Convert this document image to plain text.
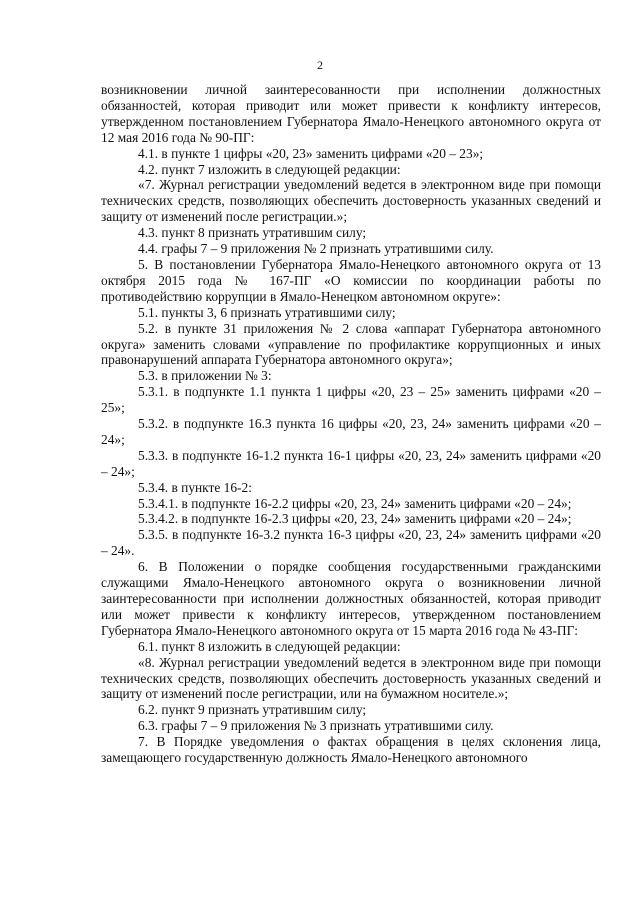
2

возникновении личной заинтересованности при исполнении должностных обязанностей, которая приводит или может привести к конфликту интересов, утвержденном постановлением Губернатора Ямало-Ненецкого автономного округа от 12 мая 2016 года № 90-ПГ:

4.1. в пункте 1 цифры «20, 23» заменить цифрами «20 – 23»;

4.2. пункт 7 изложить в следующей редакции:

«7. Журнал регистрации уведомлений ведется в электронном виде при помощи технических средств, позволяющих обеспечить достоверность указанных сведений и защиту от изменений после регистрации.»;

4.3. пункт 8 признать утратившим силу;

4.4. графы 7 – 9 приложения № 2 признать утратившими силу.

5. В постановлении Губернатора Ямало-Ненецкого автономного округа от 13 октября 2015 года № 167-ПГ «О комиссии по координации работы по противодействию коррупции в Ямало-Ненецком автономном округе»:

5.1. пункты 3, 6 признать утратившими силу;

5.2. в пункте 31 приложения № 2 слова «аппарат Губернатора автономного округа» заменить словами «управление по профилактике коррупционных и иных правонарушений аппарата Губернатора автономного округа»;

5.3. в приложении № 3:

5.3.1. в подпункте 1.1 пункта 1 цифры «20, 23 – 25» заменить цифрами «20 – 25»;

5.3.2. в подпункте 16.3 пункта 16 цифры «20, 23, 24» заменить цифрами «20 – 24»;

5.3.3. в подпункте 16-1.2 пункта 16-1 цифры «20, 23, 24» заменить цифрами «20 – 24»;

5.3.4. в пункте 16-2:

5.3.4.1. в подпункте 16-2.2 цифры «20, 23, 24» заменить цифрами «20 – 24»;

5.3.4.2. в подпункте 16-2.3 цифры «20, 23, 24» заменить цифрами «20 – 24»;

5.3.5. в подпункте 16-3.2 пункта 16-3 цифры «20, 23, 24» заменить цифрами «20 – 24».

6. В Положении о порядке сообщения государственными гражданскими служащими Ямало-Ненецкого автономного округа о возникновении личной заинтересованности при исполнении должностных обязанностей, которая приводит или может привести к конфликту интересов, утвержденном постановлением Губернатора Ямало-Ненецкого автономного округа от 15 марта 2016 года № 43-ПГ:

6.1. пункт 8 изложить в следующей редакции:

«8. Журнал регистрации уведомлений ведется в электронном виде при помощи технических средств, позволяющих обеспечить достоверность указанных сведений и защиту от изменений после регистрации, или на бумажном носителе.»;

6.2. пункт 9 признать утратившим силу;

6.3. графы 7 – 9 приложения № 3 признать утратившими силу.

7. В Порядке уведомления о фактах обращения в целях склонения лица, замещающего государственную должность Ямало-Ненецкого автономного
